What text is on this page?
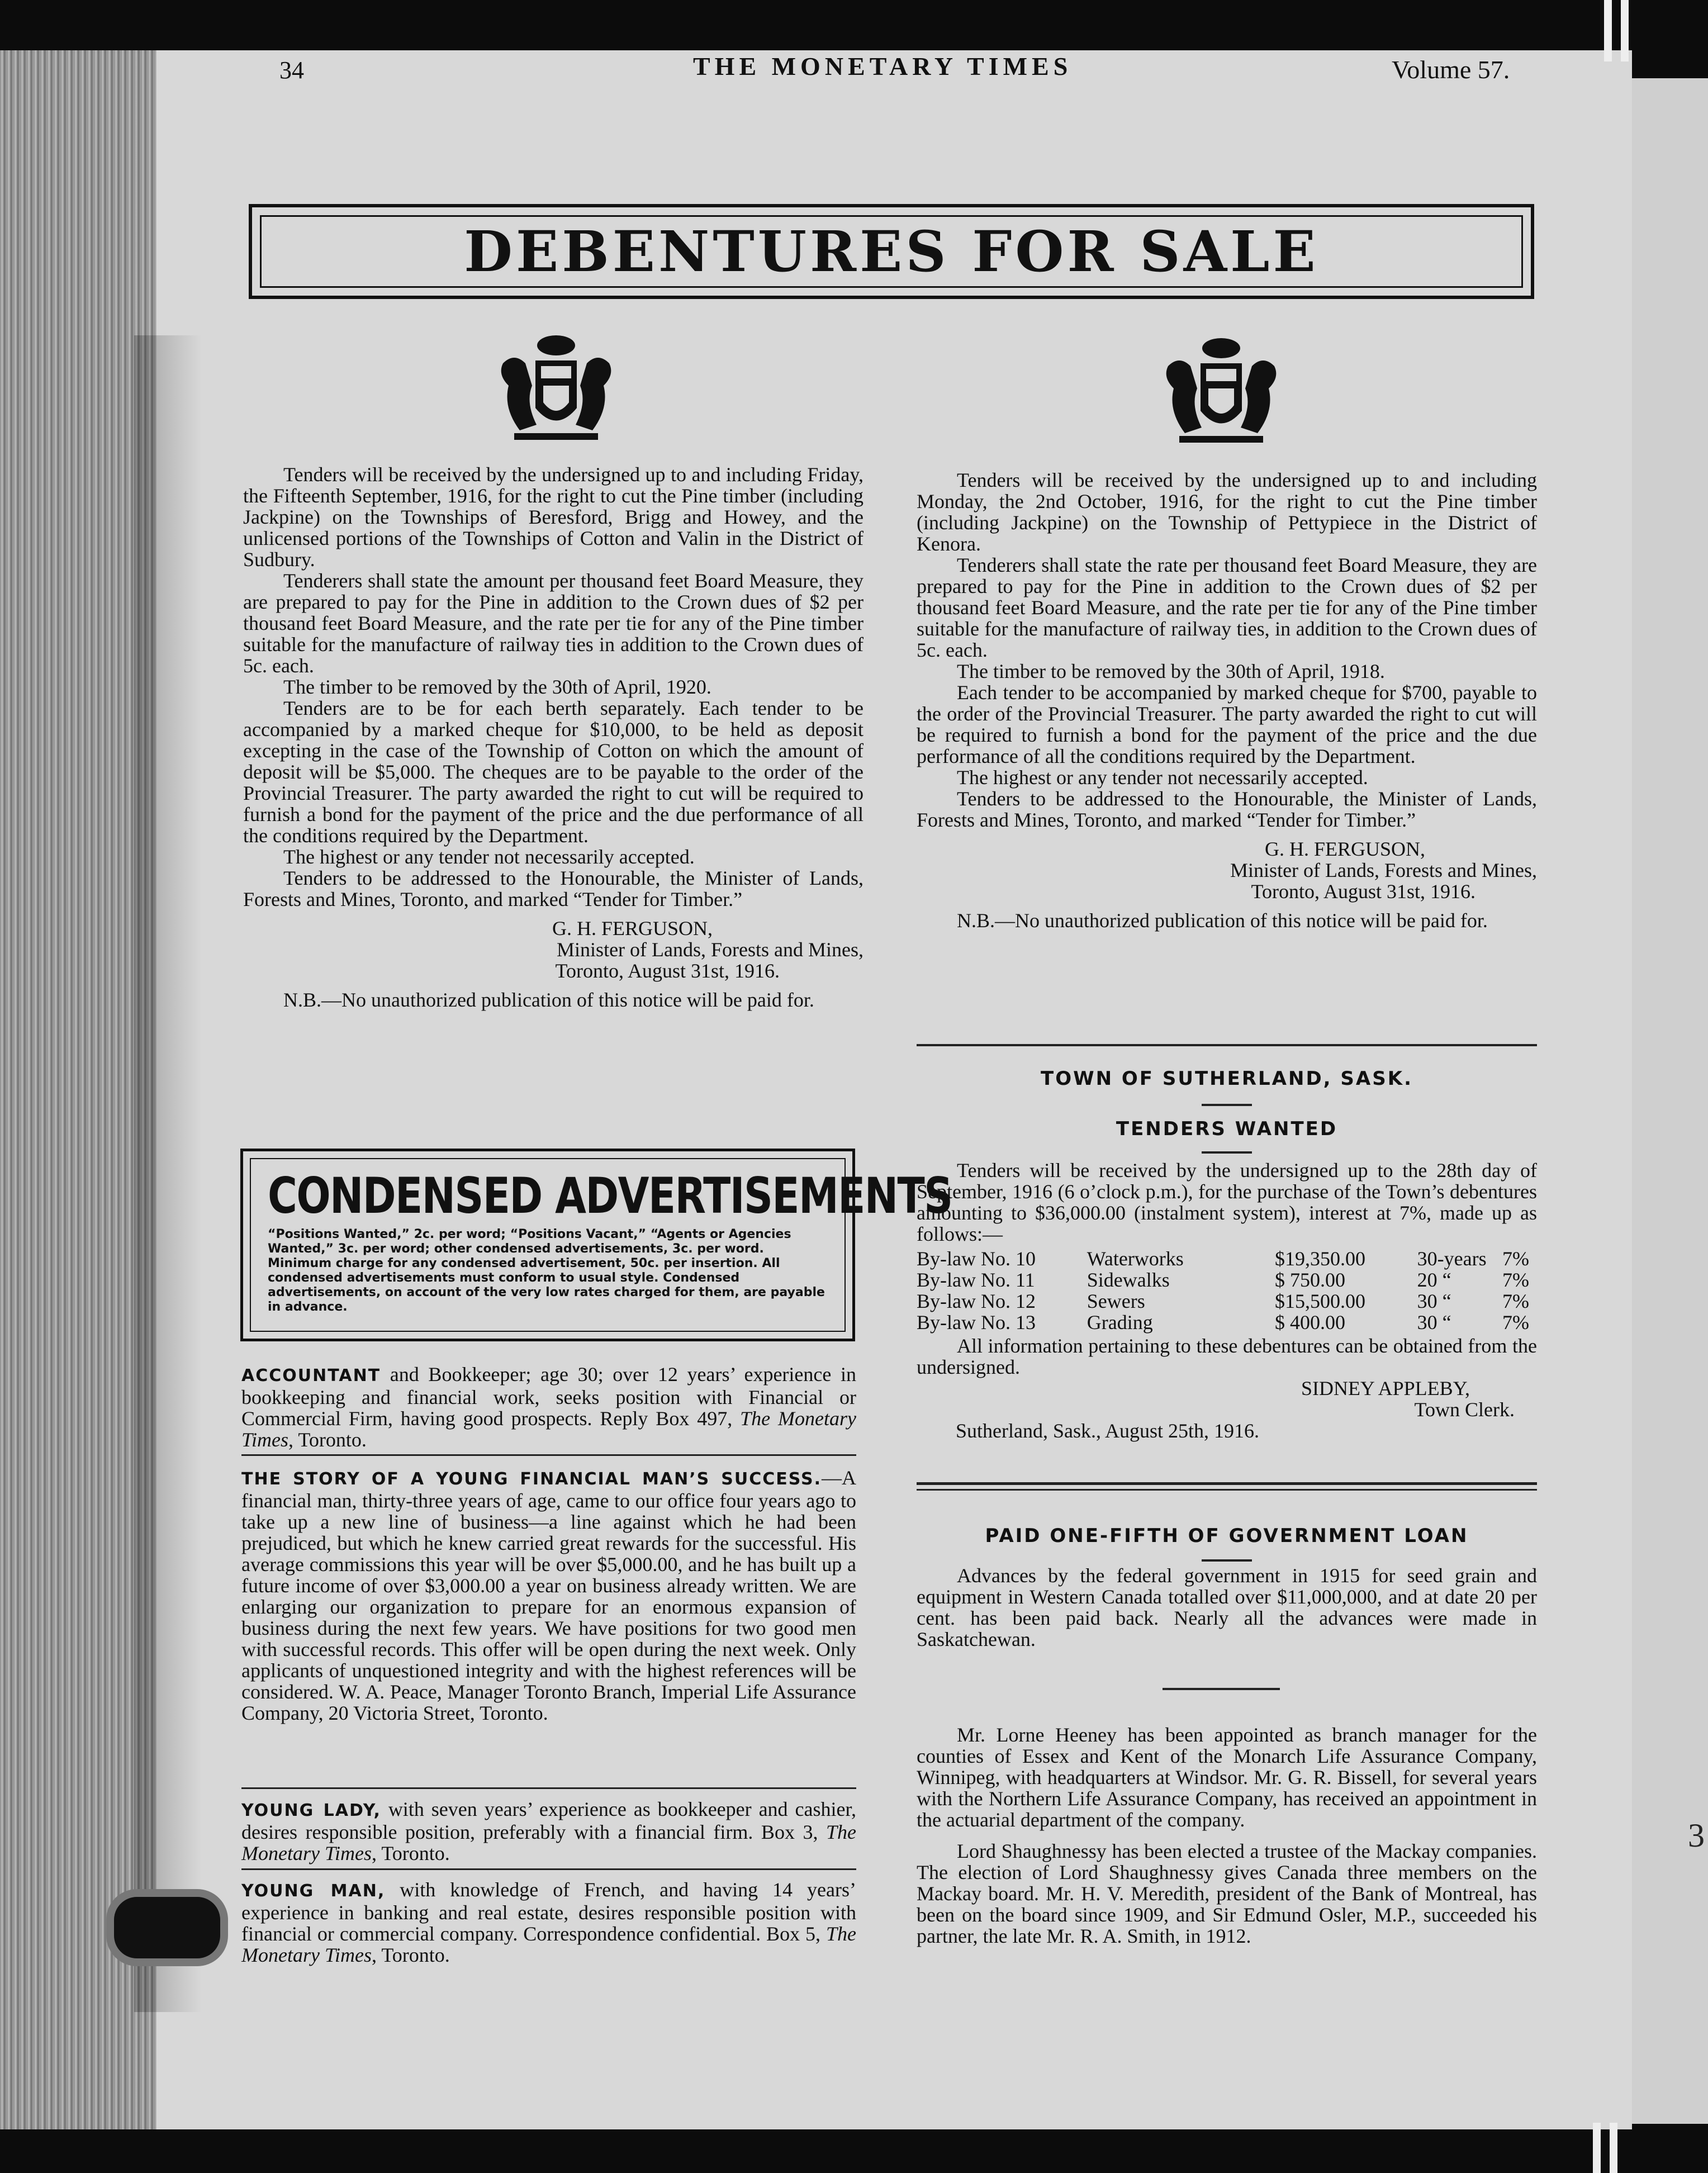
3
34	THE MONETARY TIMES	Volume 57.
DEBENTURES FOR SALE

Tenders will be received by the undersigned up to and including Friday, the Fifteenth September, 1916, for the right to cut the Pine timber (including Jackpine) on the Townships of Beresford, Brigg and Howey, and the unlicensed portions of the Townships of Cotton and Valin in the District of Sudbury.

Tenderers shall state the amount per thousand feet Board Measure, they are prepared to pay for the Pine in addition to the Crown dues of $2 per thousand feet Board Measure, and the rate per tie for any of the Pine timber suitable for the manufacture of railway ties in addition to the Crown dues of 5c. each.

The timber to be removed by the 30th of April, 1920.

Tenders are to be for each berth separately. Each tender to be accompanied by a marked cheque for $10,000, to be held as deposit excepting in the case of the Township of Cotton on which the amount of deposit will be $5,000. The cheques are to be payable to the order of the Provincial Treasurer. The party awarded the right to cut will be required to furnish a bond for the payment of the price and the due performance of all the conditions required by the Department.

The highest or any tender not necessarily accepted.

Tenders to be addressed to the Honourable, the Minister of Lands, Forests and Mines, Toronto, and marked “Tender for Timber.”

G. H. FERGUSON,
Minister of Lands, Forests and Mines,
Toronto, August 31st, 1916.

N.B.—No unauthorized publication of this notice will be paid for.

Tenders will be received by the undersigned up to and including Monday, the 2nd October, 1916, for the right to cut the Pine timber (including Jackpine) on the Township of Pettypiece in the District of Kenora.

Tenderers shall state the rate per thousand feet Board Measure, they are prepared to pay for the Pine in addition to the Crown dues of $2 per thousand feet Board Measure, and the rate per tie for any of the Pine timber suitable for the manufacture of railway ties, in addition to the Crown dues of 5c. each.

The timber to be removed by the 30th of April, 1918.

Each tender to be accompanied by marked cheque for $700, payable to the order of the Provincial Treasurer. The party awarded the right to cut will be required to furnish a bond for the payment of the price and the due performance of all the conditions required by the Department.

The highest or any tender not necessarily accepted.

Tenders to be addressed to the Honourable, the Minister of Lands, Forests and Mines, Toronto, and marked “Tender for Timber.”

G. H. FERGUSON,
Minister of Lands, Forests and Mines,
Toronto, August 31st, 1916.

N.B.—No unauthorized publication of this notice will be paid for.

TOWN OF SUTHERLAND, SASK.
TENDERS WANTED

Tenders will be received by the undersigned up to the 28th day of September, 1916 (6 o’clock p.m.), for the purchase of the Town’s debentures amounting to $36,000.00 (instalment system), interest at 7%, made up as follows:—

By-law No. 10	Waterworks	$19,350.00	30-years	7%
By-law No. 11	Sidewalks	$ 750.00	20 “	7%
By-law No. 12	Sewers	$15,500.00	30 “	7%
By-law No. 13	Grading	$ 400.00	30 “	7%

All information pertaining to these debentures can be obtained from the undersigned.

SIDNEY APPLEBY,
Town Clerk.

Sutherland, Sask., August 25th, 1916.

PAID ONE-FIFTH OF GOVERNMENT LOAN

Advances by the federal government in 1915 for seed grain and equipment in Western Canada totalled over $11,000,000, and at date 20 per cent. has been paid back. Nearly all the advances were made in Saskatchewan.

Mr. Lorne Heeney has been appointed as branch manager for the counties of Essex and Kent of the Monarch Life Assurance Company, Winnipeg, with headquarters at Windsor. Mr. G. R. Bissell, for several years with the Northern Life Assurance Company, has received an appointment in the actuarial department of the company.

Lord Shaughnessy has been elected a trustee of the Mackay companies. The election of Lord Shaughnessy gives Canada three members on the Mackay board. Mr. H. V. Meredith, president of the Bank of Montreal, has been on the board since 1909, and Sir Edmund Osler, M.P., succeeded his partner, the late Mr. R. A. Smith, in 1912.

CONDENSED ADVERTISEMENTS
“Positions Wanted,” 2c. per word; “Positions Vacant,” “Agents or Agencies Wanted,” 3c. per word; other condensed advertisements, 3c. per word. Minimum charge for any condensed advertisement, 50c. per insertion. All condensed advertisements must conform to usual style. Condensed advertisements, on account of the very low rates charged for them, are payable in advance.
ACCOUNTANT and Bookkeeper; age 30; over 12 years’ experience in bookkeeping and financial work, seeks position with Financial or Commercial Firm, having good prospects. Reply Box 497, The Monetary Times, Toronto.
THE STORY OF A YOUNG FINANCIAL MAN’S SUCCESS.—A financial man, thirty-three years of age, came to our office four years ago to take up a new line of business—a line against which he had been prejudiced, but which he knew carried great rewards for the successful. His average commissions this year will be over $5,000.00, and he has built up a future income of over $3,000.00 a year on business already written. We are enlarging our organization to prepare for an enormous expansion of business during the next few years. We have positions for two good men with successful records. This offer will be open during the next week. Only applicants of unquestioned integrity and with the highest references will be considered. W. A. Peace, Manager Toronto Branch, Imperial Life Assurance Company, 20 Victoria Street, Toronto.
YOUNG LADY, with seven years’ experience as bookkeeper and cashier, desires responsible position, preferably with a financial firm. Box 3, The Monetary Times, Toronto.
YOUNG MAN, with knowledge of French, and having 14 years’ experience in banking and real estate, desires responsible position with financial or commercial company. Correspondence confidential. Box 5, The Monetary Times, Toronto.
